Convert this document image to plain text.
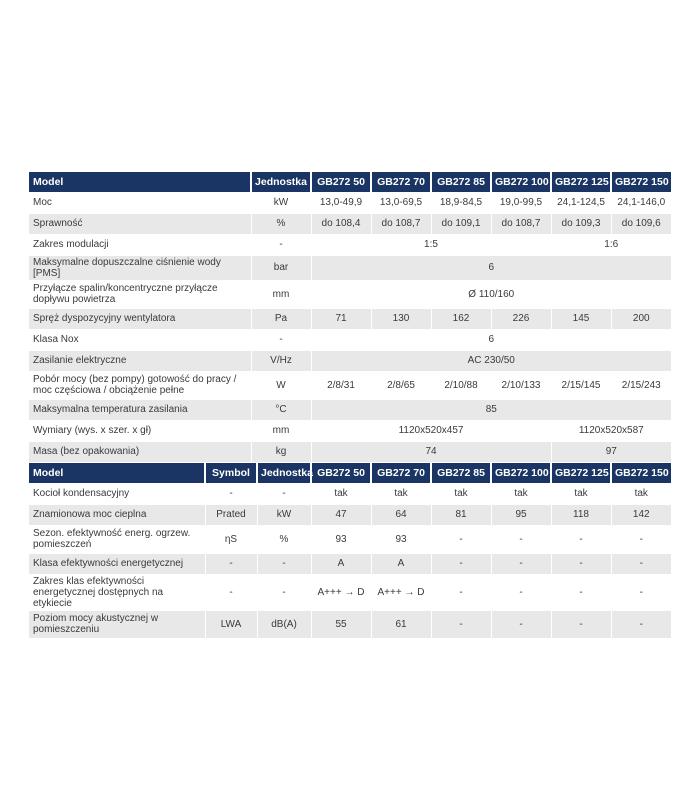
Model	Jednostka	GB272 50	GB272 70	GB272 85	GB272 100	GB272 125	GB272 150
Moc	kW	13,0-49,9	13,0-69,5	18,9-84,5	19,0-99,5	24,1-124,5	24,1-146,0
Sprawność	%	do 108,4	do 108,7	do 109,1	do 108,7	do 109,3	do 109,6
Zakres modulacji	-	1:5				1:6	
Maksymalne dopuszczalne ciśnienie wody [PMS]	bar	6					
Przyłącze spalin/koncentryczne przyłącze dopływu powietrza	mm	Ø 110/160					
Spręż dyspozycyjny wentylatora	Pa	71	130	162	226	145	200
Klasa Nox	-	6					
Zasilanie elektryczne	V/Hz	AC 230/50					
Pobór mocy (bez pompy) gotowość do pracy / moc częściowa / obciążenie pełne	W	2/8/31	2/8/65	2/10/88	2/10/133	2/15/145	2/15/243
Maksymalna temperatura zasilania	°C	85					
Wymiary (wys. x szer. x gł)	mm	1120x520x457				1120x520x587	
Masa (bez opakowania)	kg	74				97	
Model	Symbol	Jednostka	GB272 50	GB272 70	GB272 85	GB272 100	GB272 125	GB272 150
Kocioł kondensacyjny	-	-	tak	tak	tak	tak	tak	tak
Znamionowa moc cieplna	Prated	kW	47	64	81	95	118	142
Sezon. efektywność energ. ogrzew. pomieszczeń	ηS	%	93	93	-	-	-	-
Klasa efektywności energetycznej	-	-	A	A	-	-	-	-
Zakres klas efektywności energetycznej dostępnych na etykiecie	-	-	A+++ → D	A+++ → D	-	-	-	-
Poziom mocy akustycznej w pomieszczeniu	LWA	dB(A)	55	61	-	-	-	-
